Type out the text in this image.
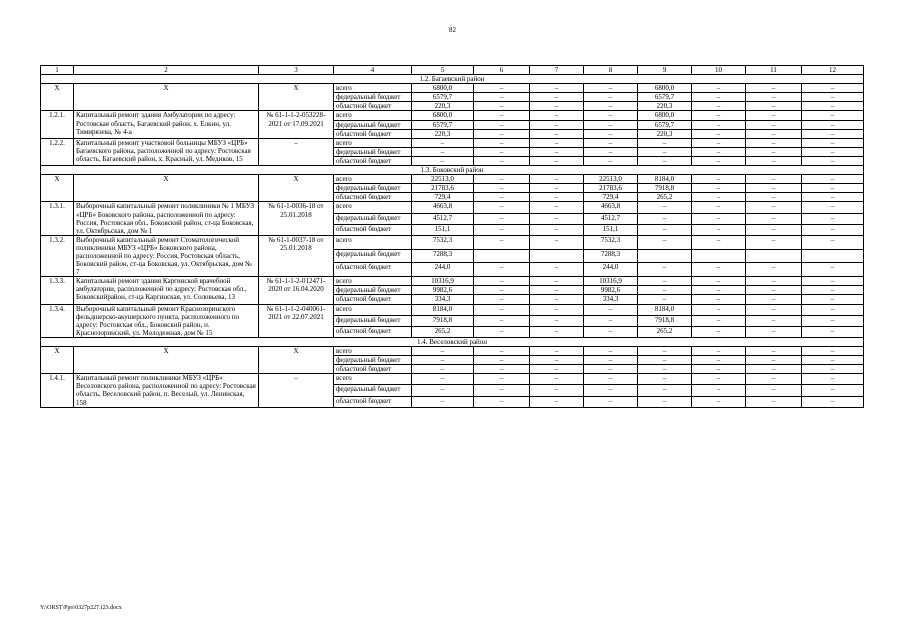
82
1	2	3	4	5	6	7	8	9	10	11	12
1.2. Багаевский район											
X	X	X	всего	6800,0	–	–	–	6800,0	–	–	–
			федеральный бюджет	6579,7	–	–	–	6579,7	–	–	–
			областной бюджет	220,3	–	–	–	220,3	–	–	–
1.2.1.	Капитальный ремонт здания Амбулатории по адресу: Ростовская область, Багаевский район, х. Елкин, ул. Тимирязева, № 4-а	№ 61-1-1-2-053228-2021 от 17.09.2021	всего	6800,0	–	–	–	6800,0	–	–	–
			федеральный бюджет	6579,7	–	–	–	6579,7	–	–	–
			областной бюджет	220,3	–	–	–	220,3	–	–	–
1.2.2.	Капитальный ремонт участковой больницы МБУЗ «ЦРБ» Багаевского района, расположенной по адресу: Ростовская область, Багаевский район, х. Красный, ул. Медиков, 15	–	всего	–	–	–	–	–	–	–	–
			федеральный бюджет	–	–	–	–	–	–	–	–
			областной бюджет	–	–	–	–	–	–	–	–
1.3. Боковский район											
X	X	X	всего	22513,0	–	–	22513,0	8184,0	–	–	–
			федеральный бюджет	21783,6	–	–	21783,6	7918,8	–	–	–
			областной бюджет	729,4	–	–	729,4	265,2	–	–	–
1.3.1.	Выборочный капитальный ремонт поликлиники № 1 МБУЗ «ЦРБ» Боковского района, расположенной по адресу: Россия, Ростовская обл., Боковский район, ст-ца Боковская, ул. Октябрьская, дом № 1	№ 61-1-0036-18 от 25.01.2018	всего	4663,8	–	–	4663,8	–	–	–	–
			федеральный бюджет	4512,7	–	–	4512,7	–	–	–	–
			областной бюджет	151,1	–	–	151,1	–	–	–	–
1.3.2.	Выборочный капитальный ремонт Стоматологической поликлиники МБУЗ «ЦРБ» Боковского района, расположенной по адресу: Россия, Ростовская область, Боковский район, ст-ца Боковская, ул. Октябрьская, дом № 7	№ 61-1-0037-18 от 25.01.2018	всего	7532,3	–	–	7532,3	–	–	–	–
			федеральный бюджет	7288,3			7288,3				
			областной бюджет	244,0	–	–	244,0	–	–	–	–
1.3.3.	Капитальный ремонт здания Каргинской врачебной амбулатории, расположенной по адресу: Ростовская обл., Боковскийрайон, ст-ца Каргинская, ул. Соловьева, 13	№ 61-1-1-2-012471-2020 от 16.04.2020	всего	10316,9	–	–	10316,9	–	–	–	–
			федеральный бюджет	9982,6	–	–	9982,6	–	–	–	–
			областной бюджет	334,3	–	–	334,3	–	–	–	–
1.3.4.	Выборочный капитальный ремонт Краснозоринского фельдшерско-акушерского пункта, расположенного по адресу: Ростовская обл., Боковский район, п. Краснозоринский, ул. Молодежная, дом № 15	№ 61-1-1-2-040061-2021 от 22.07.2021	всего	8184,0	–	–	–	8184,0	–	–	–
			федеральный бюджет	7918,8	–	–	–	7918,8	–	–	–
			областной бюджет	265,2	–	–	–	265,2	–	–	–
1.4. Веселовский район											
X	X	X	всего	–	–	–	–	–	–	–	–
			федеральный бюджет	–	–	–	–	–	–	–	–
			областной бюджет	–	–	–	–	–	–	–	–
1.4.1.	Капитальный ремонт поликлиники МБУЗ «ЦРБ» Веселовского района, расположенной по адресу: Ростовская область, Веселовский район, п. Веселый, ул. Ленинская, 158	–	всего	–	–	–	–	–	–	–	–
			федеральный бюджет	–	–	–	–	–	–	–	–
			областной бюджет	–	–	–	–	–	–	–	–
Y:\ORST\Ppo\0327p227.f23.docx
